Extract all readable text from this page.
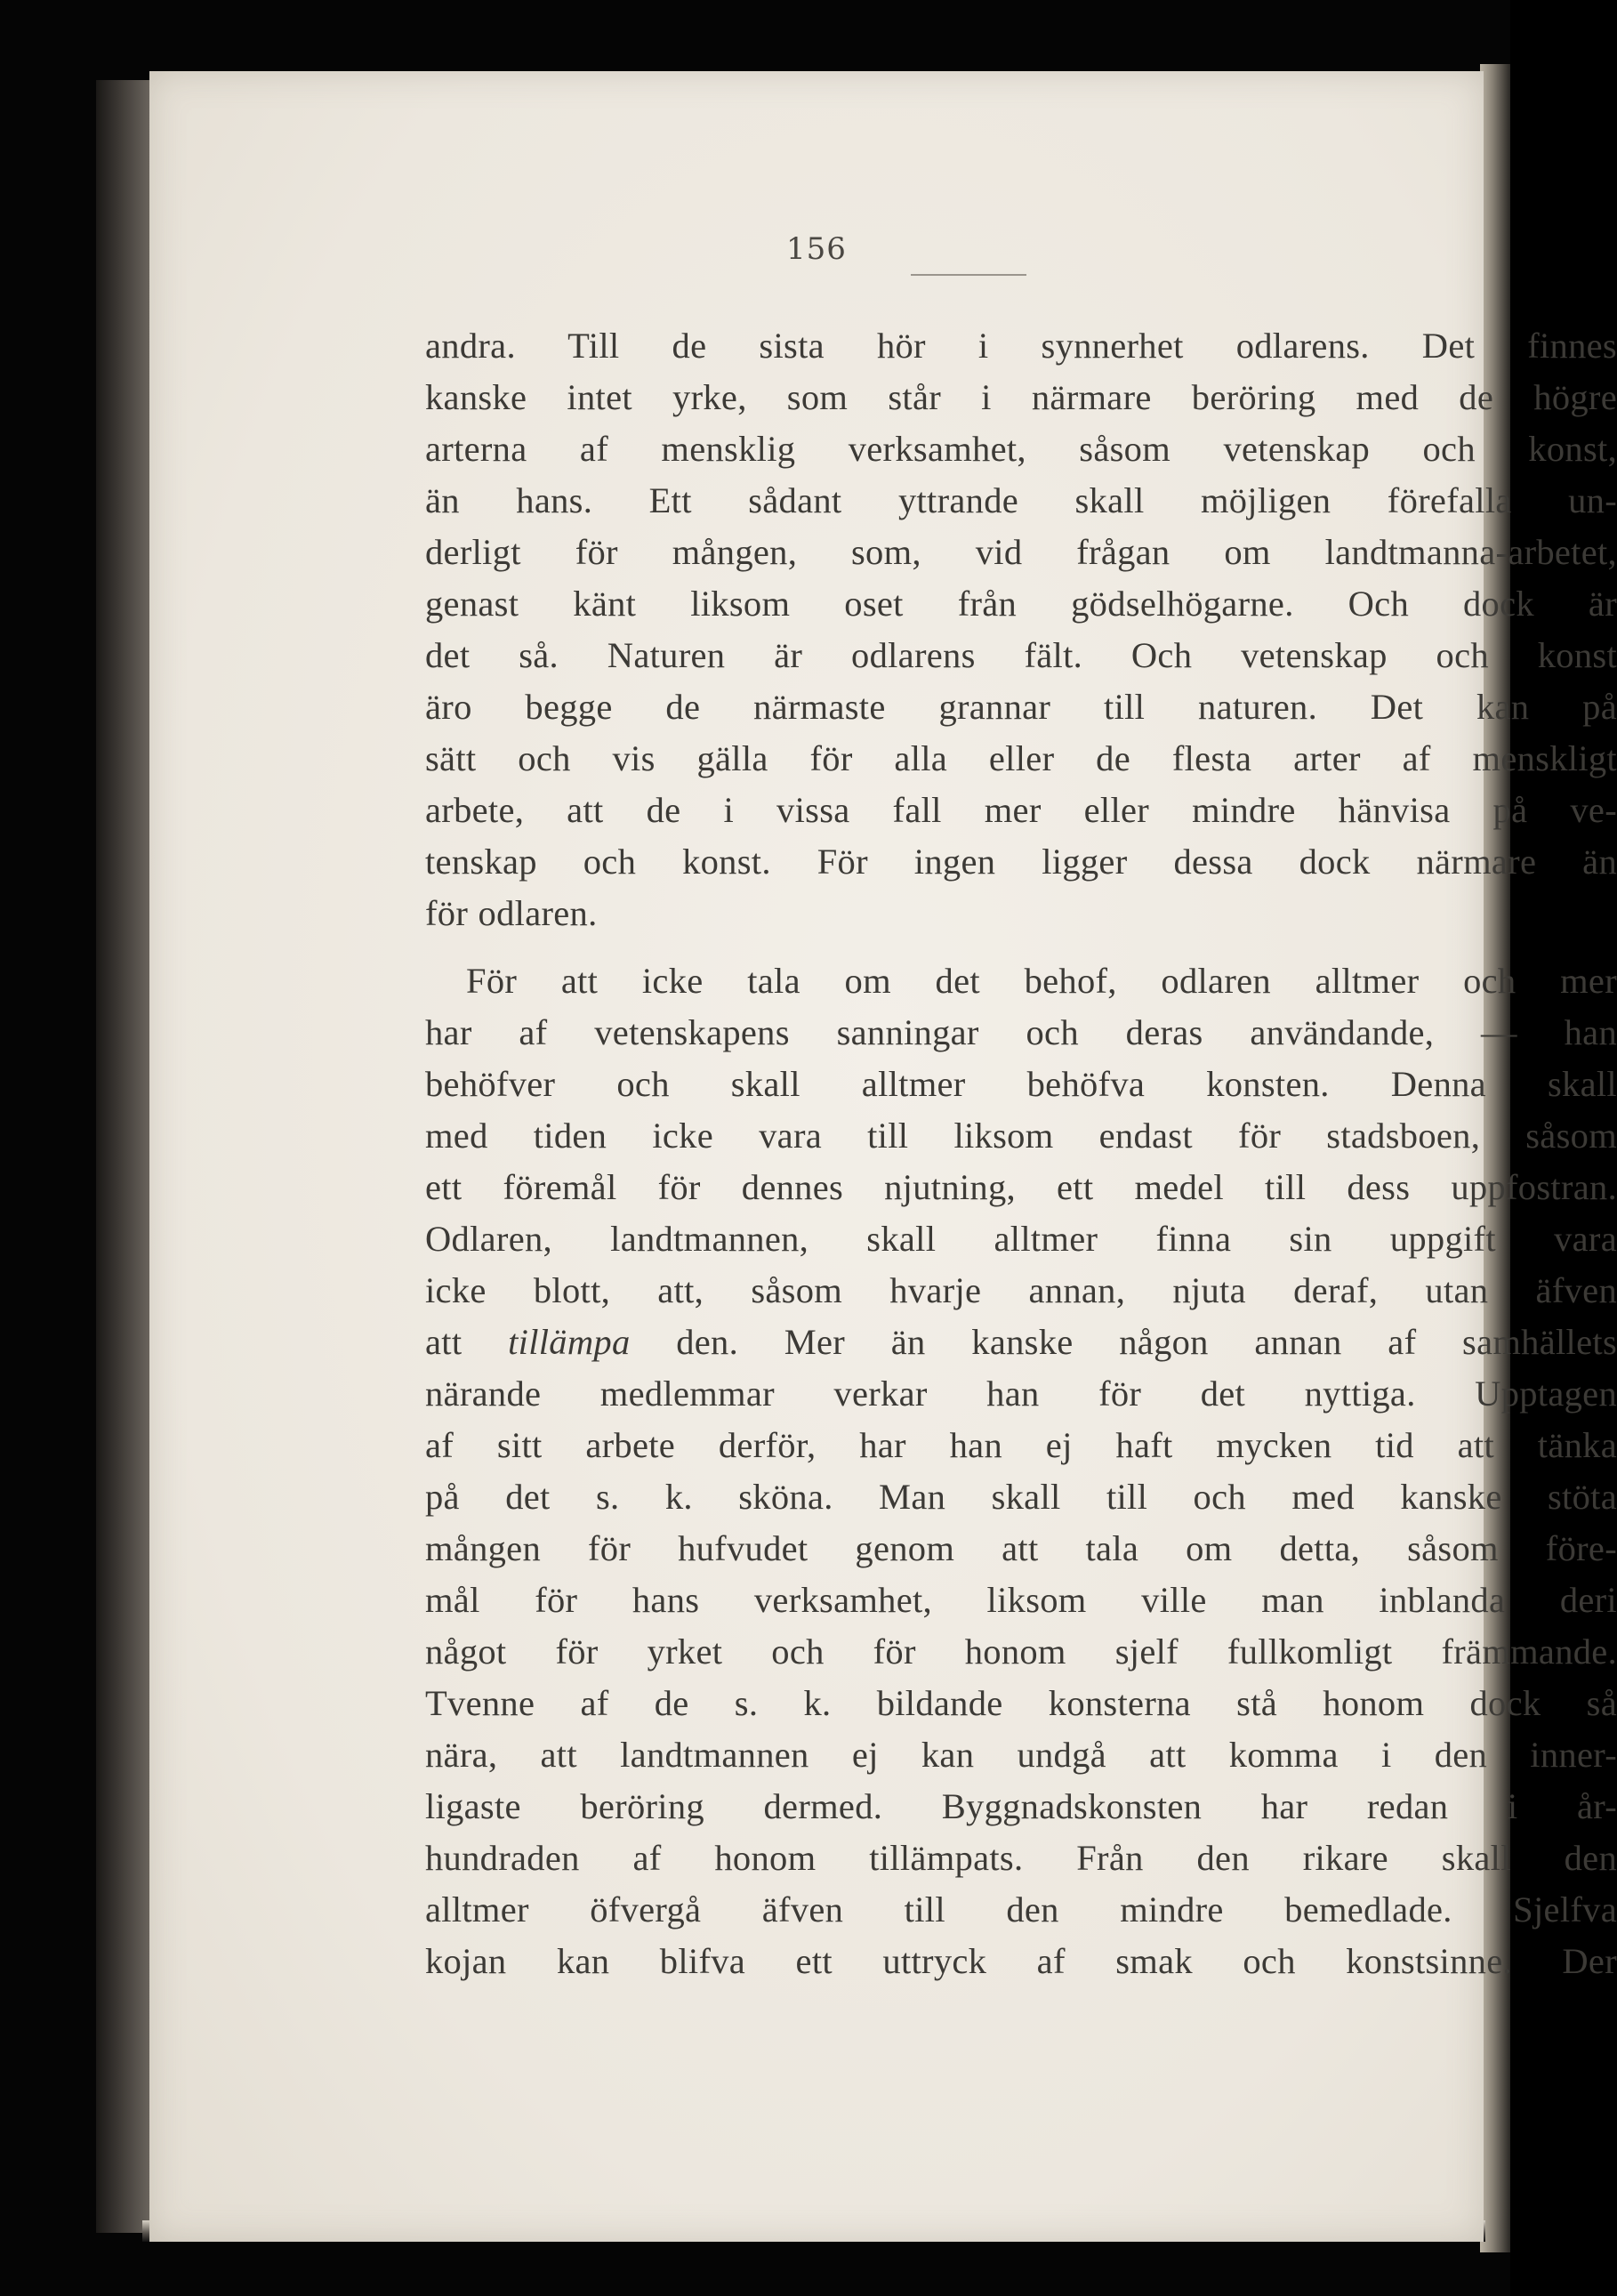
156

andra. Till de sista hör i synnerhet odlarens. Det finnes

kanske intet yrke, som står i närmare beröring med de högre

arterna af mensklig verksamhet, såsom vetenskap och konst,

än hans. Ett sådant yttrande skall möjligen förefalla un-

derligt för mången, som, vid frågan om landtmanna-arbetet,

genast känt liksom oset från gödselhögarne. Och dock är

det så. Naturen är odlarens fält. Och vetenskap och konst

äro begge de närmaste grannar till naturen. Det kan på

sätt och vis gälla för alla eller de flesta arter af menskligt

arbete, att de i vissa fall mer eller mindre hänvisa på ve-

tenskap och konst. För ingen ligger dessa dock närmare än

för odlaren.

För att icke tala om det behof, odlaren alltmer och mer

har af vetenskapens sanningar och deras användande, — han

behöfver och skall alltmer behöfva konsten. Denna skall

med tiden icke vara till liksom endast för stadsboen, såsom

ett föremål för dennes njutning, ett medel till dess uppfostran.

Odlaren, landtmannen, skall alltmer finna sin uppgift vara

icke blott, att, såsom hvarje annan, njuta deraf, utan äfven

att tillämpa den. Mer än kanske någon annan af samhällets

närande medlemmar verkar han för det nyttiga. Upptagen

af sitt arbete derför, har han ej haft mycken tid att tänka

på det s. k. sköna. Man skall till och med kanske stöta

mången för hufvudet genom att tala om detta, såsom före-

mål för hans verksamhet, liksom ville man inblanda deri

något för yrket och för honom sjelf fullkomligt främmande.

Tvenne af de s. k. bildande konsterna stå honom dock så

nära, att landtmannen ej kan undgå att komma i den inner-

ligaste beröring dermed. Byggnadskonsten har redan i år-

hundraden af honom tillämpats. Från den rikare skall den

alltmer öfvergå äfven till den mindre bemedlade. Sjelfva

kojan kan blifva ett uttryck af smak och konstsinne. Der
